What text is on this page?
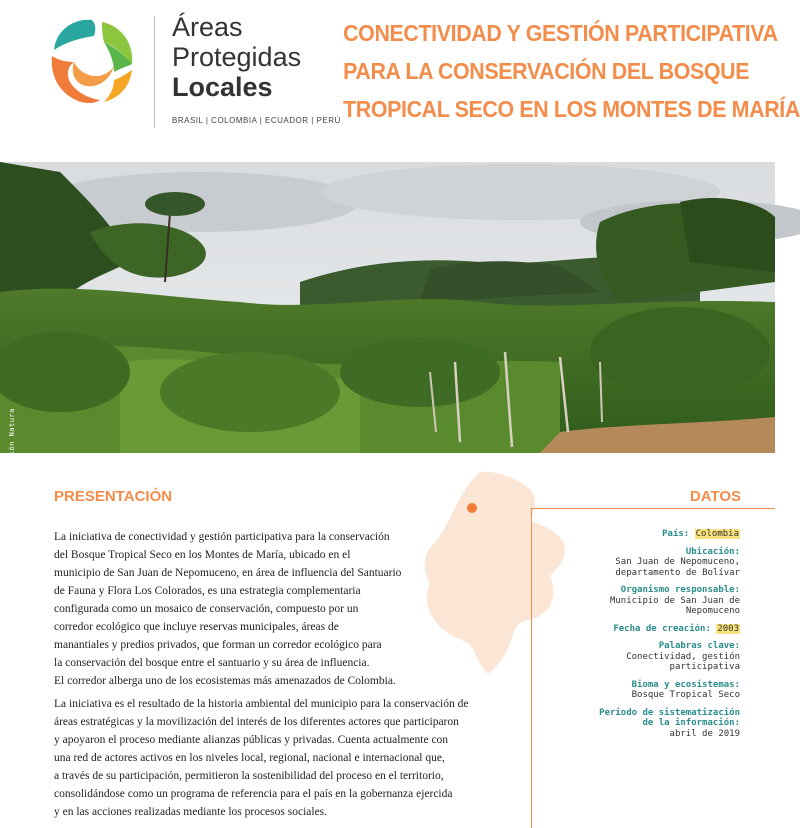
Áreas
Protegidas
Locales
BRASIL | COLOMBIA | ECUADOR | PERÚ
CONECTIVIDAD Y GESTIÓN PARTICIPATIVA
PARA LA CONSERVACIÓN DEL BOSQUE
TROPICAL SECO EN LOS MONTES DE MARÍA
FOTO: Sandra González, Fundación Natura	PRESENTACIÓN

La iniciativa de conectividad y gestión participativa para la conservación
del Bosque Tropical Seco en los Montes de María, ubicado en el
municipio de San Juan de Nepomuceno, en área de influencia del Santuario
de Fauna y Flora Los Colorados, es una estrategia complementaria
configurada como un mosaico de conservación, compuesto por un
corredor ecológico que incluye reservas municipales, áreas de
manantiales y predios privados, que forman un corredor ecológico para
la conservación del bosque entre el santuario y su área de influencia.
El corredor alberga uno de los ecosistemas más amenazados de Colombia.

La iniciativa es el resultado de la historia ambiental del municipio para la conservación de
áreas estratégicas y la movilización del interés de los diferentes actores que participaron
y apoyaron el proceso mediante alianzas públicas y privadas. Cuenta actualmente con
una red de actores activos en los niveles local, regional, nacional e internacional que,
a través de su participación, permitieron la sostenibilidad del proceso en el territorio,
consolidándose como un programa de referencia para el país en la gobernanza ejercida
y en las acciones realizadas mediante los procesos sociales.

DATOS
País: Colombia
Ubicación:
San Juan de Nepomuceno,
departamento de Bolívar
Organismo responsable:
Municipio de San Juan de
Nepomuceno
Fecha de creación: 2003
Palabras clave:
Conectividad, gestión
participativa
Bioma y ecosistemas:
Bosque Tropical Seco
Periodo de sistematización
de la información:
abril de 2019
